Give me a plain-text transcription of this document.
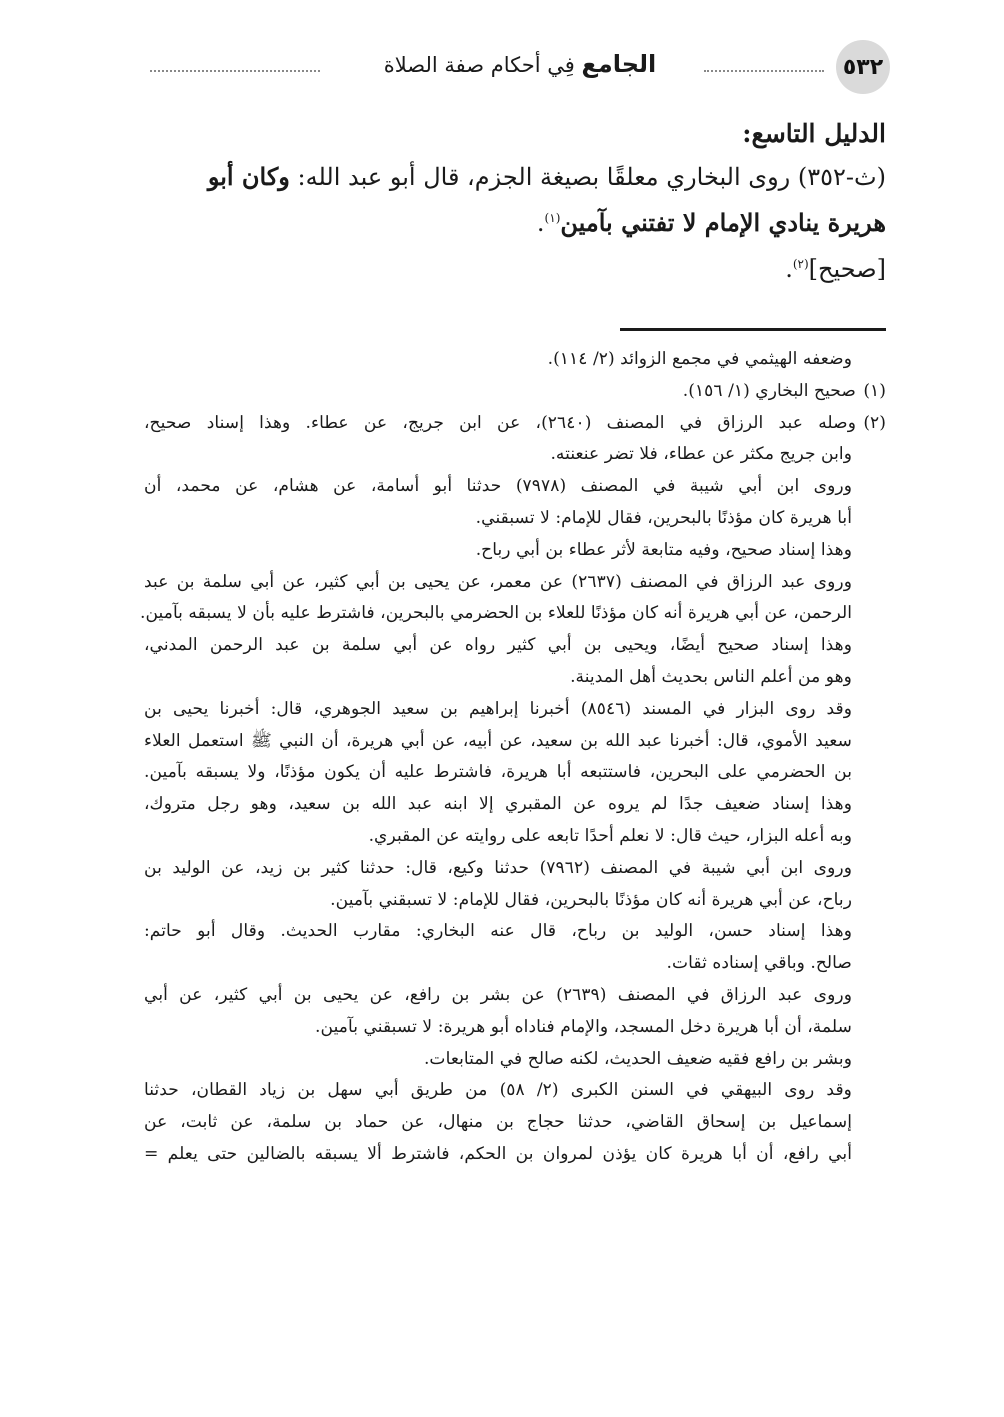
٥٣٢
الجامع فِي أحكام صفة الصلاة
الدليل التاسع:

(ث-٣٥٢) روى البخاري معلقًا بصيغة الجزم، قال أبو عبد الله: وكان أبو

هريرة ينادي الإمام لا تفتني بآمين$^{(١)}$.

[صحيح]$^{(٢)}$.

وضعفه الهيثمي في مجمع الزوائد (٢/ ١١٤).
(١)صحيح البخاري (١/ ١٥٦).
(٢)وصله عبد الرزاق في المصنف (٢٦٤٠)، عن ابن جريج، عن عطاء. وهذا إسناد صحيح،
وابن جريج مكثر عن عطاء، فلا تضر عنعنته.
وروى ابن أبي شيبة في المصنف (٧٩٧٨) حدثنا أبو أسامة، عن هشام، عن محمد، أن
أبا هريرة كان مؤذنًا بالبحرين، فقال للإمام: لا تسبقني.
وهذا إسناد صحيح، وفيه متابعة لأثر عطاء بن أبي رباح.
وروى عبد الرزاق في المصنف (٢٦٣٧) عن معمر، عن يحيى بن أبي كثير، عن أبي سلمة بن عبد
الرحمن، عن أبي هريرة أنه كان مؤذنًا للعلاء بن الحضرمي بالبحرين، فاشترط عليه بأن لا يسبقه بآمين.
وهذا إسناد صحيح أيضًا، ويحيى بن أبي كثير رواه عن أبي سلمة بن عبد الرحمن المدني،
وهو من أعلم الناس بحديث أهل المدينة.
وقد روى البزار في المسند (٨٥٤٦) أخبرنا إبراهيم بن سعيد الجوهري، قال: أخبرنا يحيى بن
سعيد الأموي، قال: أخبرنا عبد الله بن سعيد، عن أبيه، عن أبي هريرة، أن النبي ﷺ استعمل العلاء
بن الحضرمي على البحرين، فاستتبعه أبا هريرة، فاشترط عليه أن يكون مؤذنًا، ولا يسبقه بآمين.
وهذا إسناد ضعيف جدًا لم يروه عن المقبري إلا ابنه عبد الله بن سعيد، وهو رجل متروك،
وبه أعله البزار، حيث قال: لا نعلم أحدًا تابعه على روايته عن المقبري.
وروى ابن أبي شيبة في المصنف (٧٩٦٢) حدثنا وكيع، قال: حدثنا كثير بن زيد، عن الوليد بن
رباح، عن أبي هريرة أنه كان مؤذنًا بالبحرين، فقال للإمام: لا تسبقني بآمين.
وهذا إسناد حسن، الوليد بن رباح، قال عنه البخاري: مقارب الحديث. وقال أبو حاتم:
صالح. وباقي إسناده ثقات.
وروى عبد الرزاق في المصنف (٢٦٣٩) عن بشر بن رافع، عن يحيى بن أبي كثير، عن أبي
سلمة، أن أبا هريرة دخل المسجد، والإمام فناداه أبو هريرة: لا تسبقني بآمين.
وبشر بن رافع فقيه ضعيف الحديث، لكنه صالح في المتابعات.
وقد روى البيهقي في السنن الكبرى (٢/ ٥٨) من طريق أبي سهل بن زياد القطان، حدثنا
إسماعيل بن إسحاق القاضي، حدثنا حجاج بن منهال، عن حماد بن سلمة، عن ثابت، عن
أبي رافع، أن أبا هريرة كان يؤذن لمروان بن الحكم، فاشترط ألا يسبقه بالضالين حتى يعلم =
